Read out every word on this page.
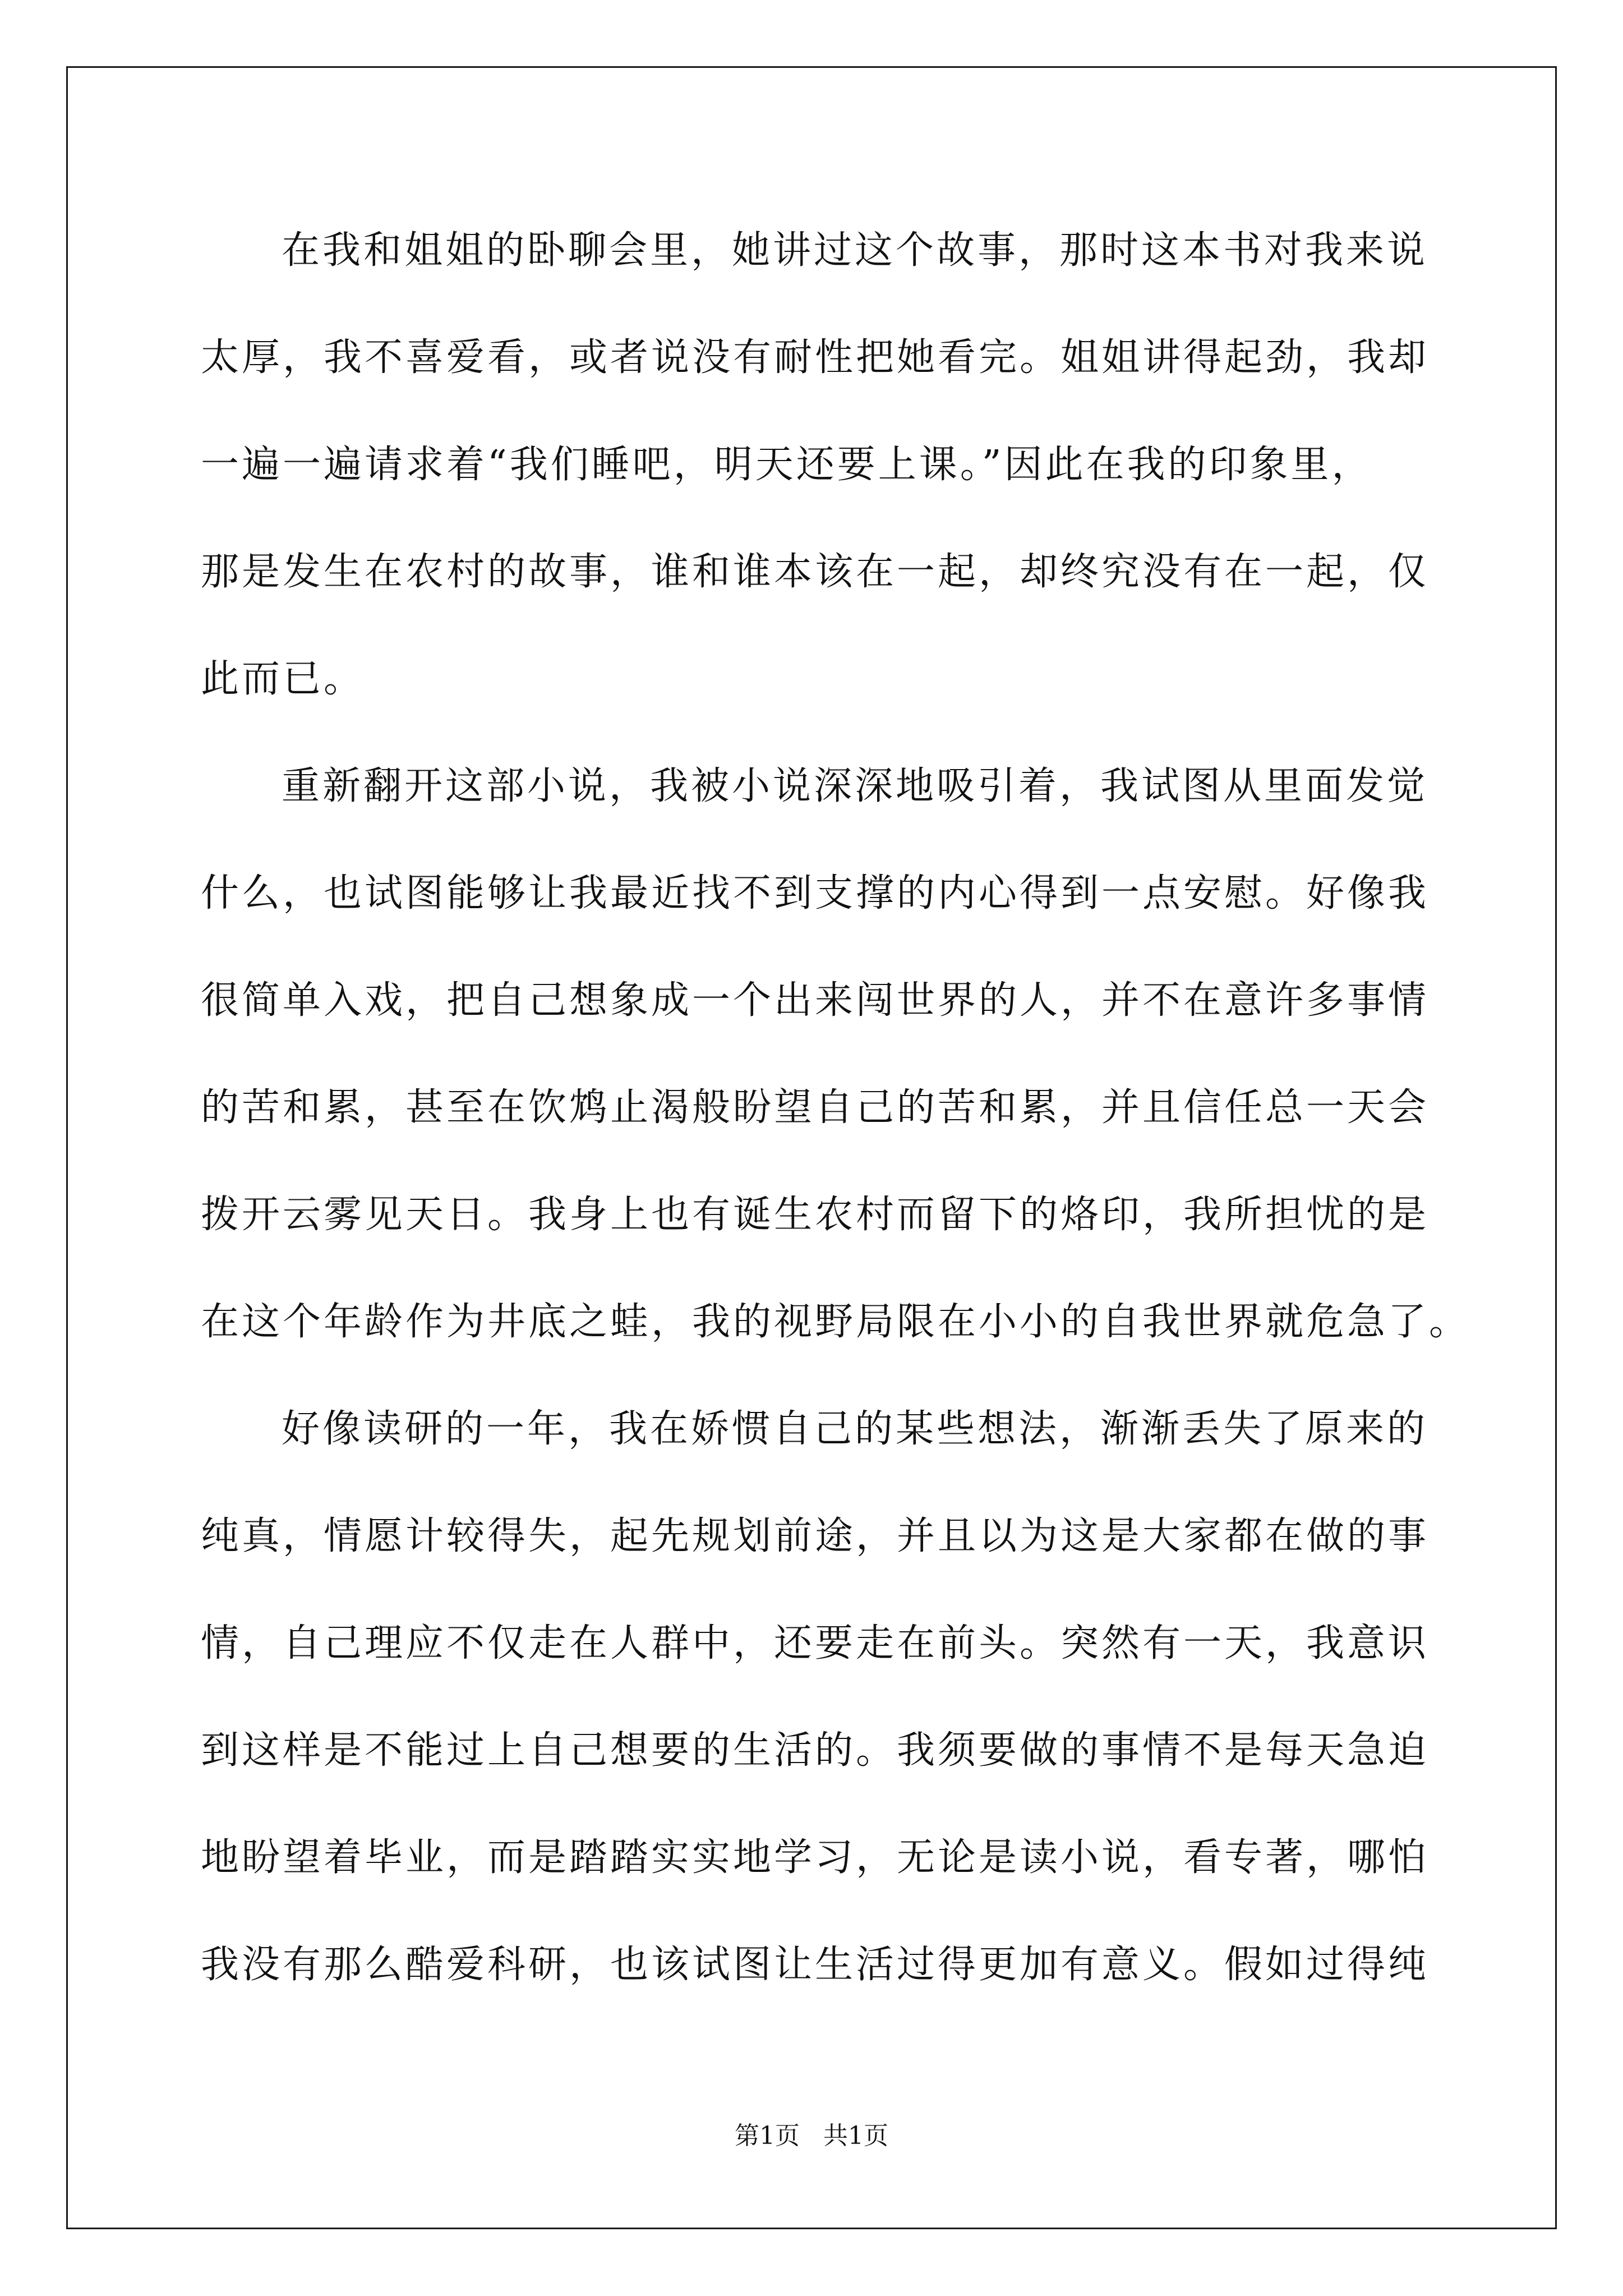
在我和姐姐的卧聊会里，她讲过这个故事，那时这本书对我来说
太厚，我不喜爱看，或者说没有耐性把她看完。姐姐讲得起劲，我却
一遍一遍请求着“我们睡吧，明天还要上课。”因此在我的印象里，
那是发生在农村的故事，谁和谁本该在一起，却终究没有在一起，仅
此而已。
重新翻开这部小说，我被小说深深地吸引着，我试图从里面发觉
什么，也试图能够让我最近找不到支撑的内心得到一点安慰。好像我
很简单入戏，把自己想象成一个出来闯世界的人，并不在意许多事情
的苦和累，甚至在饮鸩止渴般盼望自己的苦和累，并且信任总一天会
拨开云雾见天日。我身上也有诞生农村而留下的烙印，我所担忧的是
在这个年龄作为井底之蛙，我的视野局限在小小的自我世界就危急了。
好像读研的一年，我在娇惯自己的某些想法，渐渐丢失了原来的
纯真，情愿计较得失，起先规划前途，并且以为这是大家都在做的事
情，自己理应不仅走在人群中，还要走在前头。突然有一天，我意识
到这样是不能过上自己想要的生活的。我须要做的事情不是每天急迫
地盼望着毕业，而是踏踏实实地学习，无论是读小说，看专著，哪怕
我没有那么酷爱科研，也该试图让生活过得更加有意义。假如过得纯
第1页   共1页
